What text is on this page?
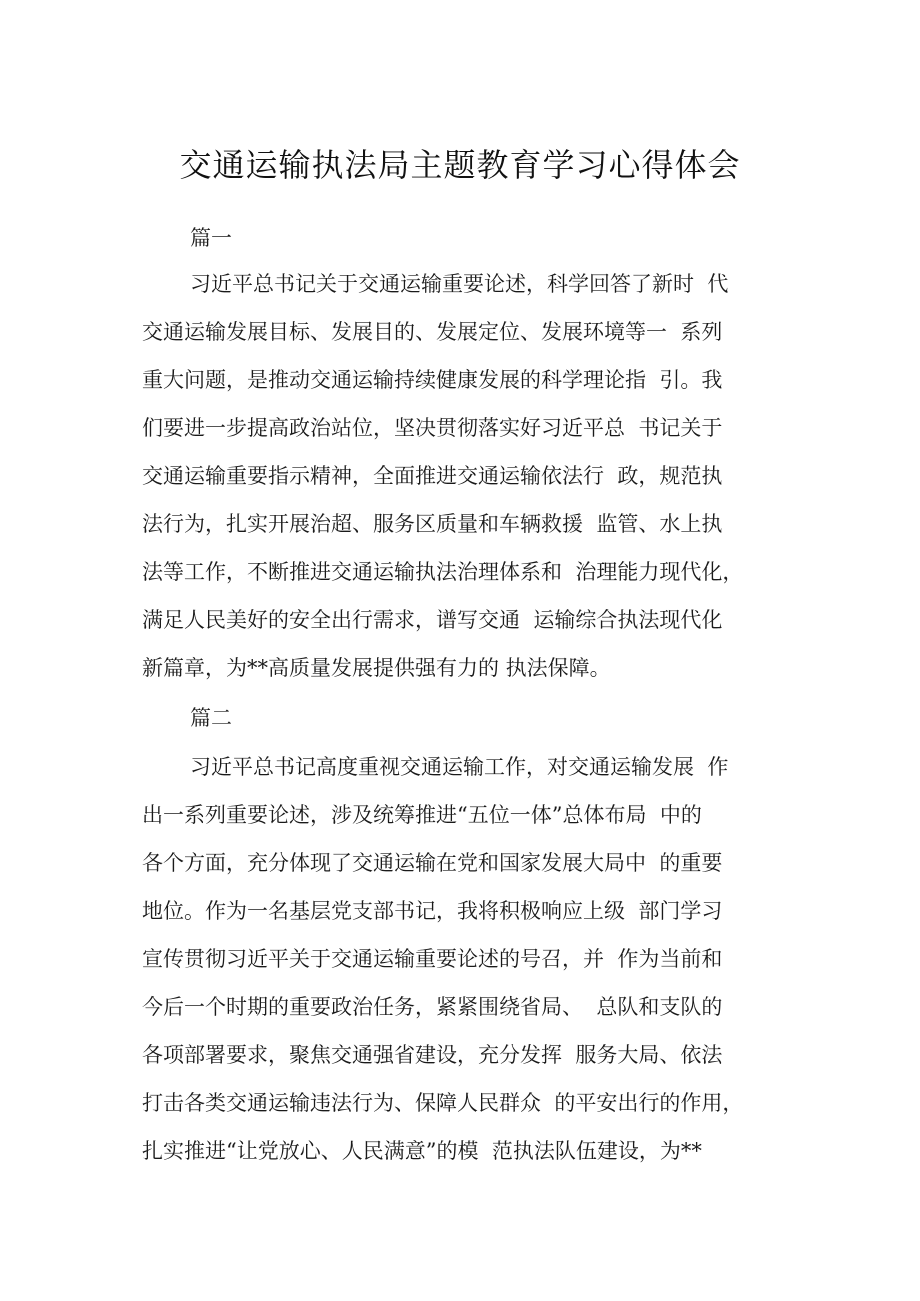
交通运输执法局主题教育学习心得体会
篇一

习近平总书记关于交通运输重要论述，科学回答了新时  代

交通运输发展目标、发展目的、发展定位、发展环境等一  系列

重大问题，是推动交通运输持续健康发展的科学理论指  引。我

们要进一步提高政治站位，坚决贯彻落实好习近平总  书记关于

交通运输重要指示精神，全面推进交通运输依法行  政，规范执

法行为，扎实开展治超、服务区质量和车辆救援  监管、水上执

法等工作，不断推进交通运输执法治理体系和  治理能力现代化，

满足人民美好的安全出行需求，谱写交通  运输综合执法现代化

新篇章，为**高质量发展提供强有力的 执法保障。

篇二

习近平总书记高度重视交通运输工作，对交通运输发展  作

出一系列重要论述，涉及统筹推进“五位一体”总体布局  中的

各个方面，充分体现了交通运输在党和国家发展大局中  的重要

地位。作为一名基层党支部书记，我将积极响应上级  部门学习

宣传贯彻习近平关于交通运输重要论述的号召，并  作为当前和

今后一个时期的重要政治任务，紧紧围绕省局、  总队和支队的

各项部署要求，聚焦交通强省建设，充分发挥  服务大局、依法

打击各类交通运输违法行为、保障人民群众  的平安出行的作用，

扎实推进“让党放心、人民满意”的模  范执法队伍建设，为**
